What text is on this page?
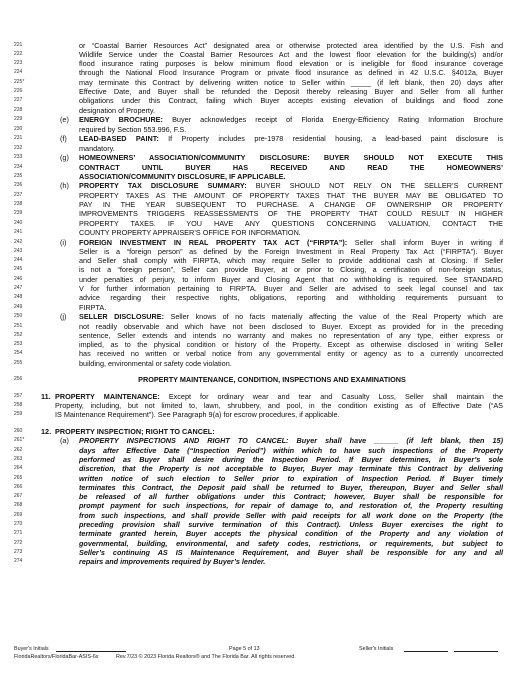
221	or “Coastal Barrier Resources Act” designated area or otherwise protected area identified by the U.S. Fish and
222	Wildlife Service under the Coastal Barrier Resources Act and the lowest floor elevation for the building(s) and/or
223	flood insurance rating purposes is below minimum flood elevation or is ineligible for flood insurance coverage
224	through the National Flood Insurance Program or private flood insurance as defined in 42 U.S.C. §4012a, Buyer
225*	may terminate this Contract by delivering written notice to Seller within _____ (if left blank, then 20) days after
226	Effective Date, and Buyer shall be refunded the Deposit thereby releasing Buyer and Seller from all further
227	obligations under this Contract, failing which Buyer accepts existing elevation of buildings and flood zone
228	designation of Property.
229	(e) ENERGY BROCHURE: Buyer acknowledges receipt of Florida Energy-Efficiency Rating Information Brochure
230	required by Section 553.996, F.S.
231	(f) LEAD-BASED PAINT: If Property includes pre-1978 residential housing, a lead-based paint disclosure is
232	mandatory.
233	(g) HOMEOWNERS’ ASSOCIATION/COMMUNITY DISCLOSURE: BUYER SHOULD NOT EXECUTE THIS
234	CONTRACT UNTIL BUYER HAS RECEIVED AND READ THE HOMEOWNERS’
235	ASSOCIATION/COMMUNITY DISCLOSURE, IF APPLICABLE.
236	(h) PROPERTY TAX DISCLOSURE SUMMARY: BUYER SHOULD NOT RELY ON THE SELLER’S CURRENT
237	PROPERTY TAXES AS THE AMOUNT OF PROPERTY TAXES THAT THE BUYER MAY BE OBLIGATED TO
238	PAY IN THE YEAR SUBSEQUENT TO PURCHASE. A CHANGE OF OWNERSHIP OR PROPERTY
239	IMPROVEMENTS TRIGGERS REASSESSMENTS OF THE PROPERTY THAT COULD RESULT IN HIGHER
240	PROPERTY TAXES. IF YOU HAVE ANY QUESTIONS CONCERNING VALUATION, CONTACT THE
241	COUNTY PROPERTY APPRAISER’S OFFICE FOR INFORMATION.
242	(i) FOREIGN INVESTMENT IN REAL PROPERTY TAX ACT (“FIRPTA”): Seller shall inform Buyer in writing if
243	Seller is a “foreign person” as defined by the Foreign Investment in Real Property Tax Act (“FIRPTA”). Buyer
244	and Seller shall comply with FIRPTA, which may require Seller to provide additional cash at Closing. If Seller
245	is not a “foreign person”, Seller can provide Buyer, at or prior to Closing, a certification of non-foreign status,
246	under penalties of perjury, to inform Buyer and Closing Agent that no withholding is required. See STANDARD
247	V for further information pertaining to FIRPTA. Buyer and Seller are advised to seek legal counsel and tax
248	advice regarding their respective rights, obligations, reporting and withholding requirements pursuant to
249	FIRPTA.
250	(j) SELLER DISCLOSURE: Seller knows of no facts materially affecting the value of the Real Property which are
251	not readily observable and which have not been disclosed to Buyer. Except as provided for in the preceding
252	sentence, Seller extends and intends no warranty and makes no representation of any type, either express or
253	implied, as to the physical condition or history of the Property. Except as otherwise disclosed in writing Seller
254	has received no written or verbal notice from any governmental entity or agency as to a currently uncorrected
255	building, environmental or safety code violation.
256	PROPERTY MAINTENANCE, CONDITION, INSPECTIONS AND EXAMINATIONS
257	11. PROPERTY MAINTENANCE: Except for ordinary wear and tear and Casualty Loss, Seller shall maintain the
258	Property, including, but not limited to, lawn, shrubbery, and pool, in the condition existing as of Effective Date (“AS
259	IS Maintenance Requirement”). See Paragraph 9(a) for escrow procedures, if applicable.
260	12. PROPERTY INSPECTION; RIGHT TO CANCEL:
261*	(a) PROPERTY INSPECTIONS AND RIGHT TO CANCEL: Buyer shall have ______ (if left blank, then 15)
262	days after Effective Date (“Inspection Period”) within which to have such inspections of the Property
263	performed as Buyer shall desire during the Inspection Period. If Buyer determines, in Buyer’s sole
264	discretion, that the Property is not acceptable to Buyer, Buyer may terminate this Contract by delivering
265	written notice of such election to Seller prior to expiration of Inspection Period. If Buyer timely
266	terminates this Contract, the Deposit paid shall be returned to Buyer, thereupon, Buyer and Seller shall
267	be released of all further obligations under this Contract; however, Buyer shall be responsible for
268	prompt payment for such inspections, for repair of damage to, and restoration of, the Property resulting
269	from such inspections, and shall provide Seller with paid receipts for all work done on the Property (the
270	preceding provision shall survive termination of this Contract). Unless Buyer exercises the right to
271	terminate granted herein, Buyer accepts the physical condition of the Property and any violation of
272	governmental, building, environmental, and safety codes, restrictions, or requirements, but subject to
273	Seller’s continuing AS IS Maintenance Requirement, and Buyer shall be responsible for any and all
274	repairs and improvements required by Buyer’s lender.
Buyer's Initials	Page 5 of 13	Seller's Initials
FloridaRealtors/FloridaBar-ASIS-6x	Rev.7/23 © 2023 Florida Realtors® and The Florida Bar. All rights reserved.
